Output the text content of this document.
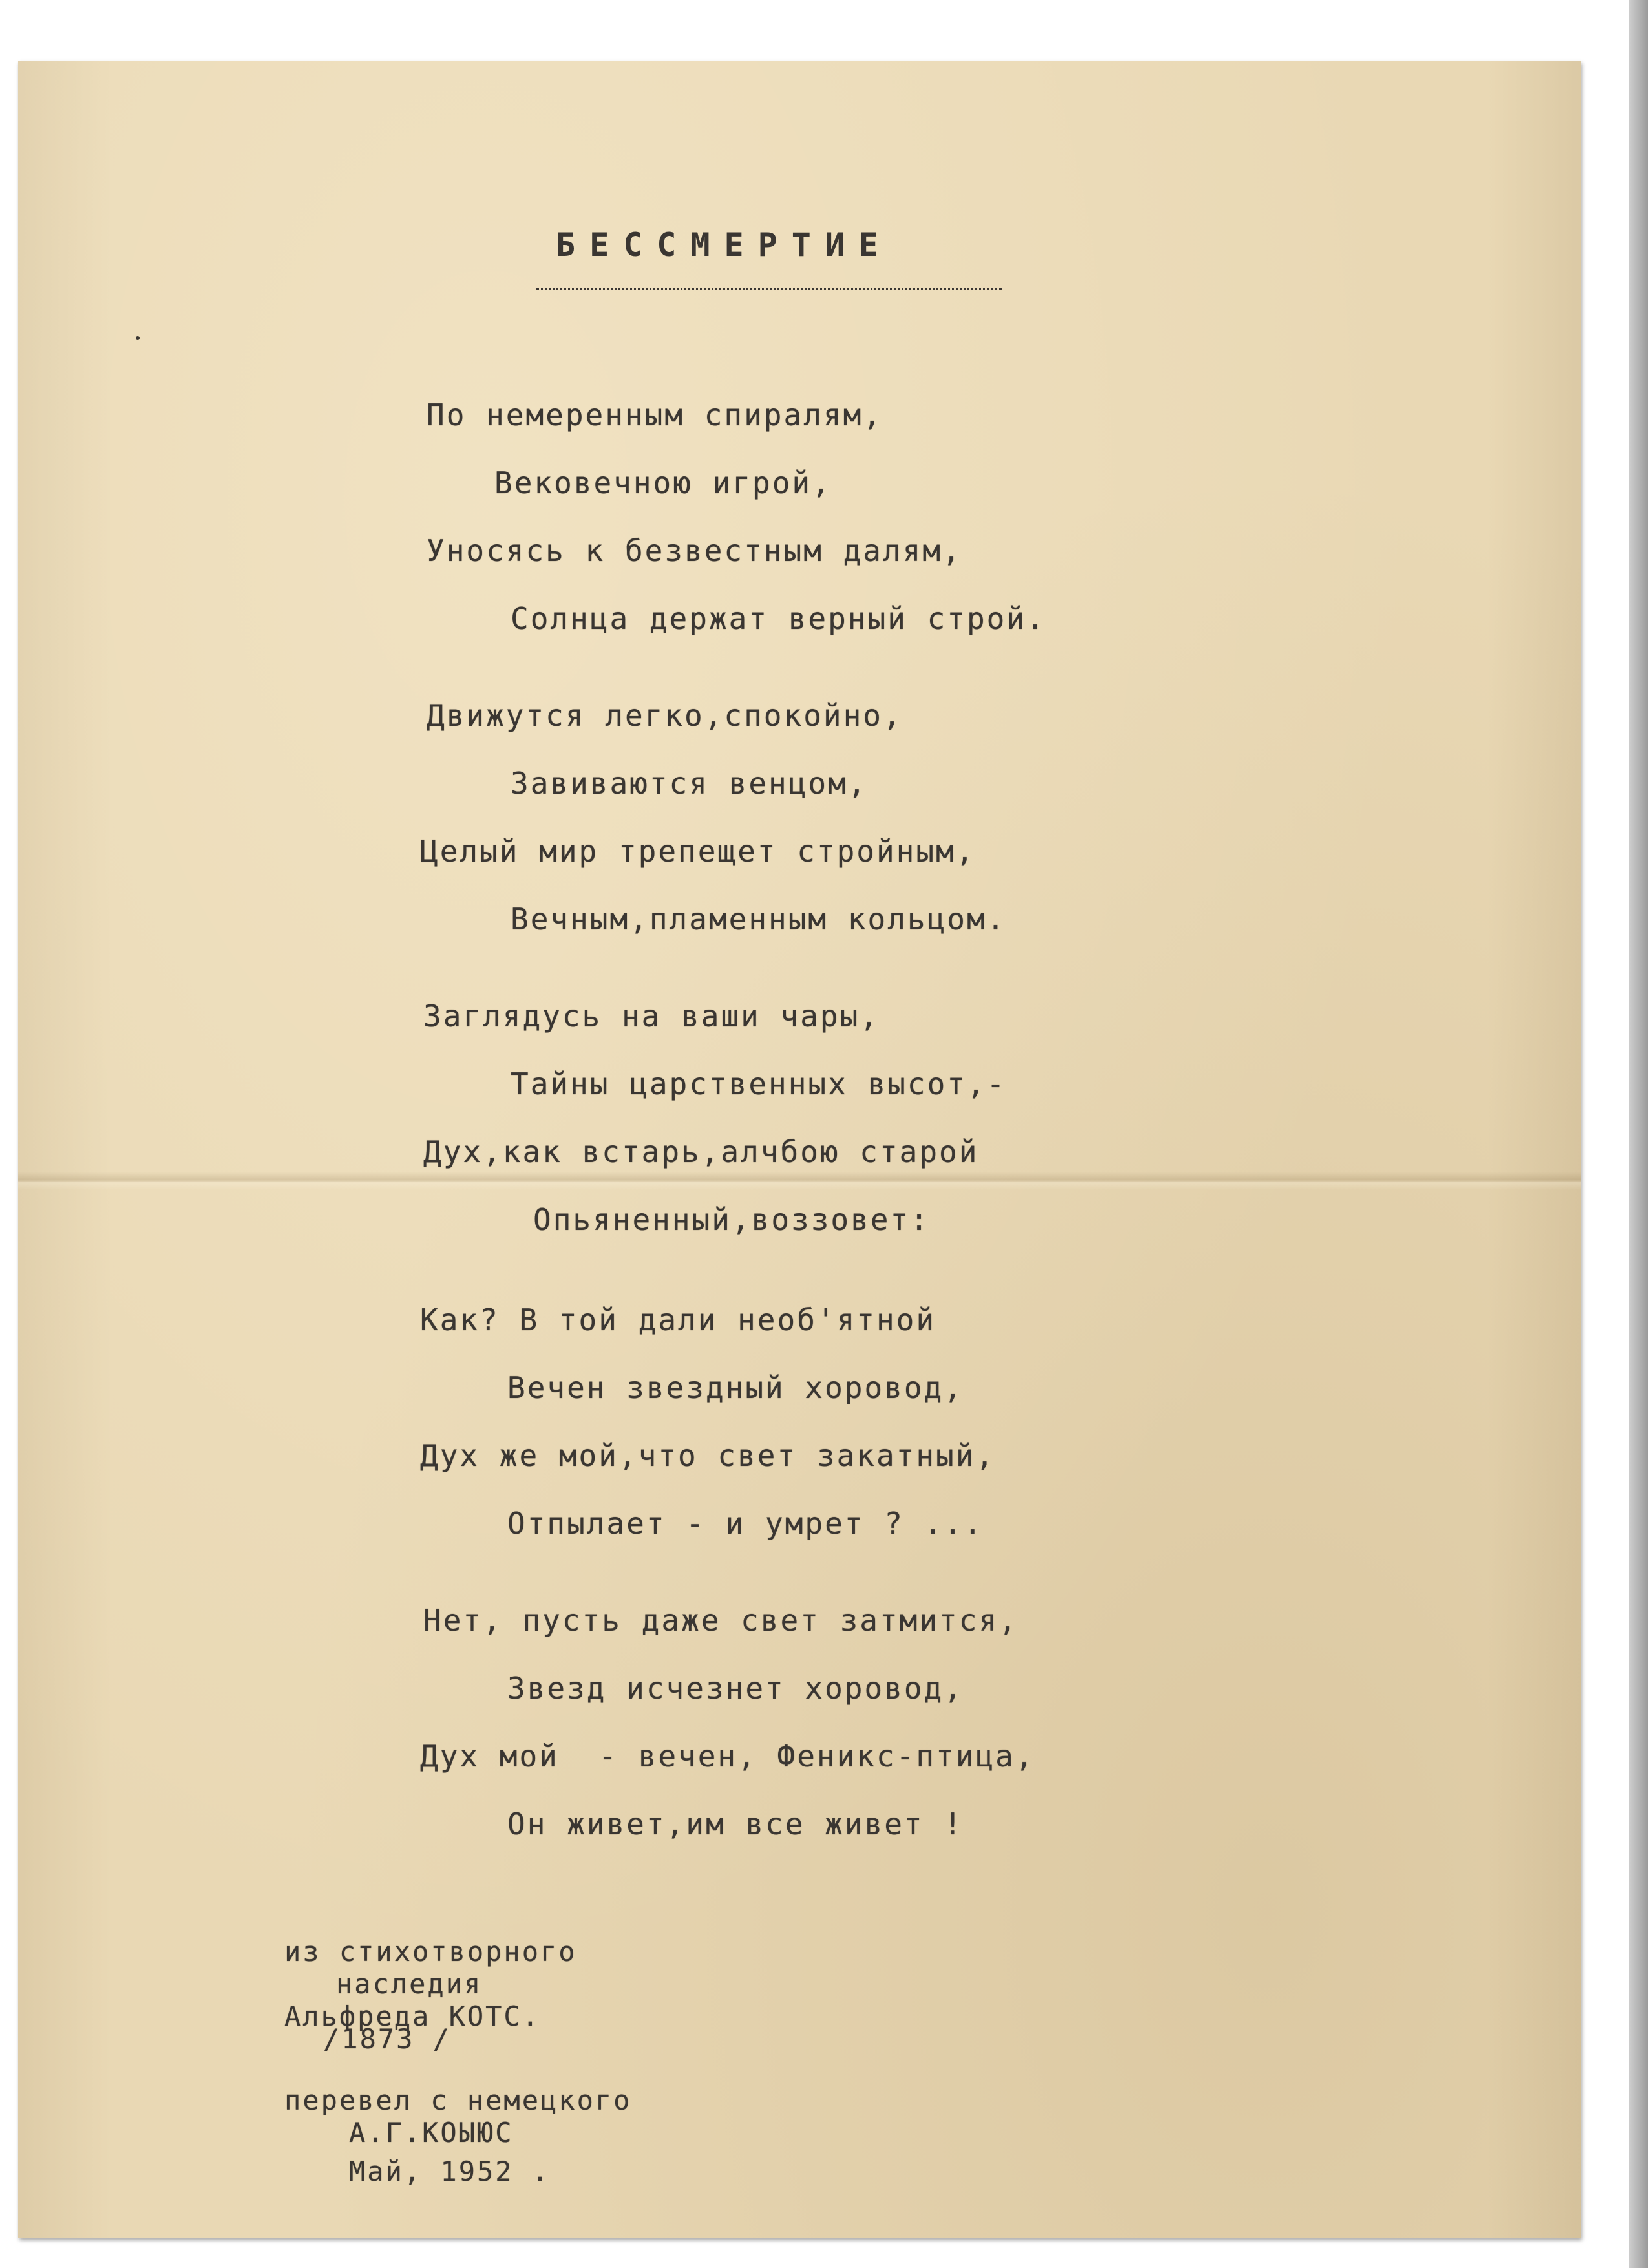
БЕССМЕРТИЕ
По немеренным спиралям,
Вековечною игрой,
Уносясь к безвестным далям,
Солнца держат верный строй.
Движутся легко,спокойно,
Завиваются венцом,
Целый мир трепещет стройным,
Вечным,пламенным кольцом.
Заглядусь на ваши чары,
Тайны царственных высот,-
Дух,как встарь,алчбою старой
Опьяненный,воззовет:
Как? В той дали необ'ятной
Вечен звездный хоровод,
Дух же мой,что свет закатный,
Отпылает - и умрет ? ...
Нет, пусть даже свет затмится,
Звезд исчезнет хоровод,
Дух мой  - вечен, Феникс-птица,
Он живет,им все живет !
из стихотворного
наследия
Альфреда КОТС.
/1873 /
перевел с немецкого
А.Г.КОЫЮС
Май, 1952 .
